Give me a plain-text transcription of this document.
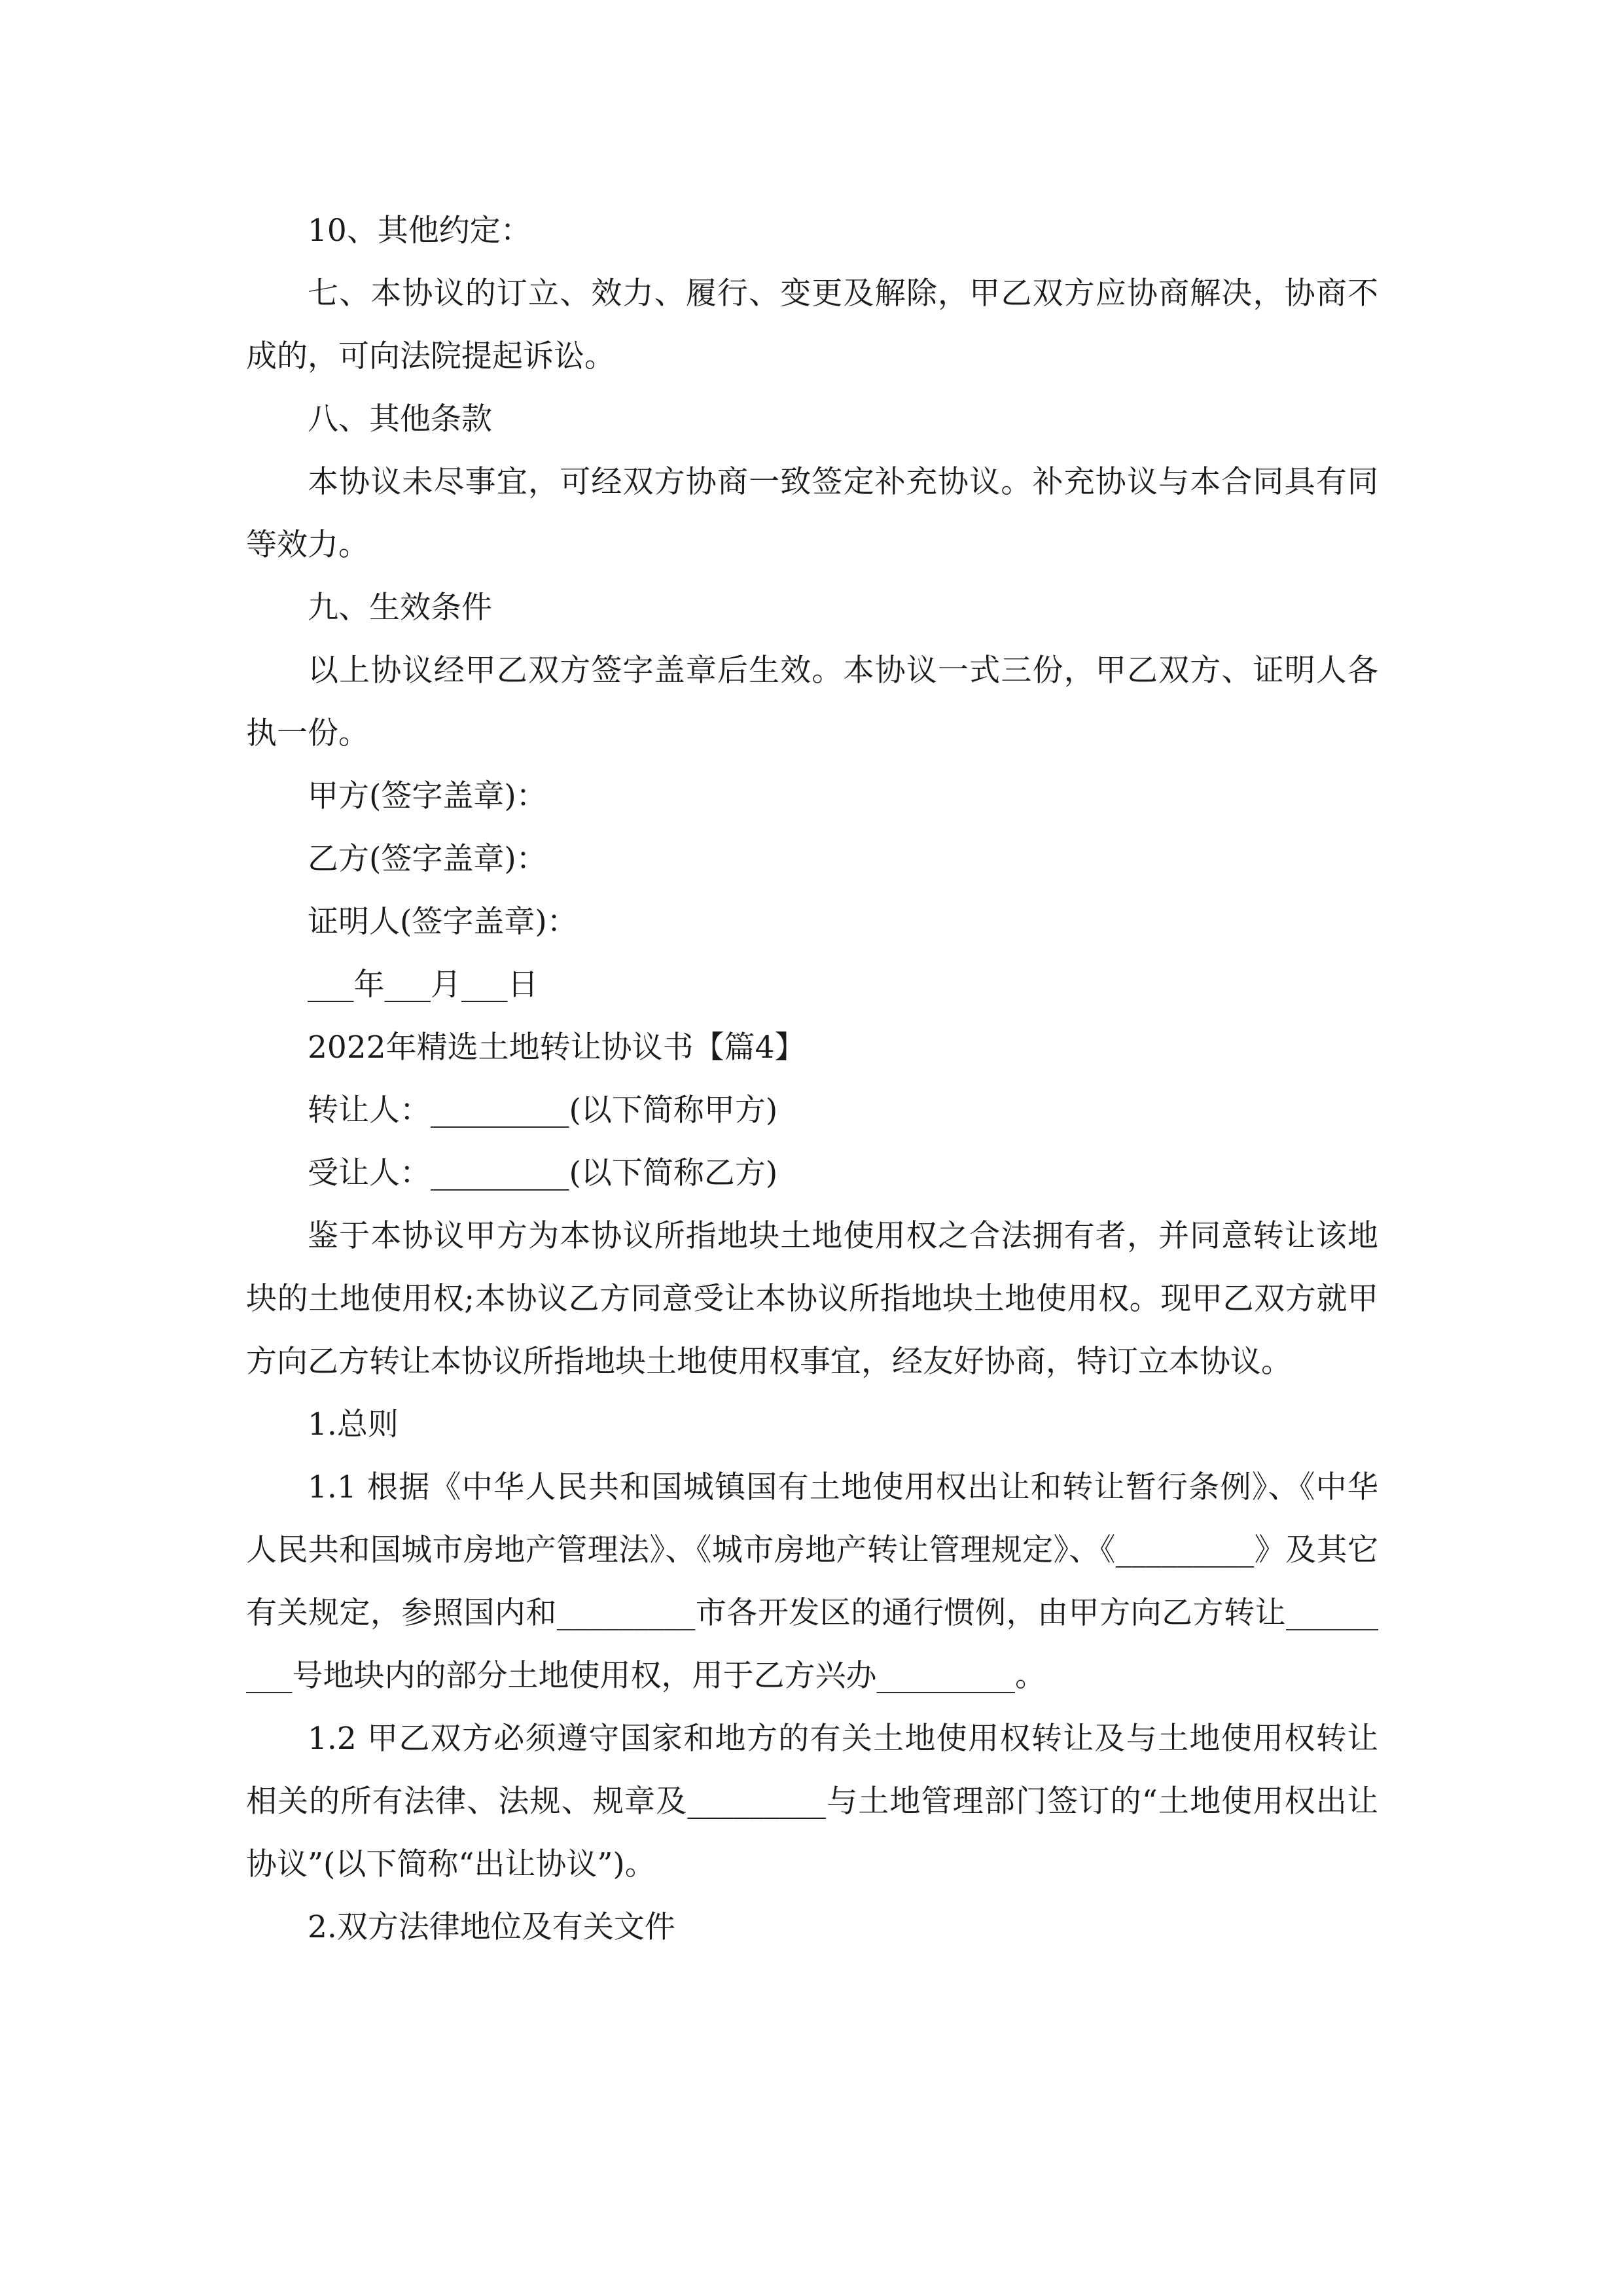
10、其他约定：

七、本协议的订立、效力、履行、变更及解除，甲乙双方应协商解决，协商不成的，可向法院提起诉讼。

八、其他条款

本协议未尽事宜，可经双方协商一致签定补充协议。补充协议与本合同具有同等效力。

九、生效条件

以上协议经甲乙双方签字盖章后生效。本协议一式三份，甲乙双方、证明人各执一份。

甲方(签字盖章)：

乙方(签字盖章)：

证明人(签字盖章)：

___年___月___日

2022年精选土地转让协议书【篇4】

转让人：_________(以下简称甲方)

受让人：_________(以下简称乙方)

鉴于本协议甲方为本协议所指地块土地使用权之合法拥有者，并同意转让该地块的土地使用权;本协议乙方同意受让本协议所指地块土地使用权。现甲乙双方就甲方向乙方转让本协议所指地块土地使用权事宜，经友好协商，特订立本协议。

1.总则

1.1 根据《中华人民共和国城镇国有土地使用权出让和转让暂行条例》、《中华人民共和国城市房地产管理法》、《城市房地产转让管理规定》、《_________》及其它有关规定，参照国内和_________市各开发区的通行惯例，由甲方向乙方转让_________号地块内的部分土地使用权，用于乙方兴办_________。

1.2 甲乙双方必须遵守国家和地方的有关土地使用权转让及与土地使用权转让相关的所有法律、法规、规章及_________与土地管理部门签订的“土地使用权出让协议”(以下简称“出让协议”)。

2.双方法律地位及有关文件
